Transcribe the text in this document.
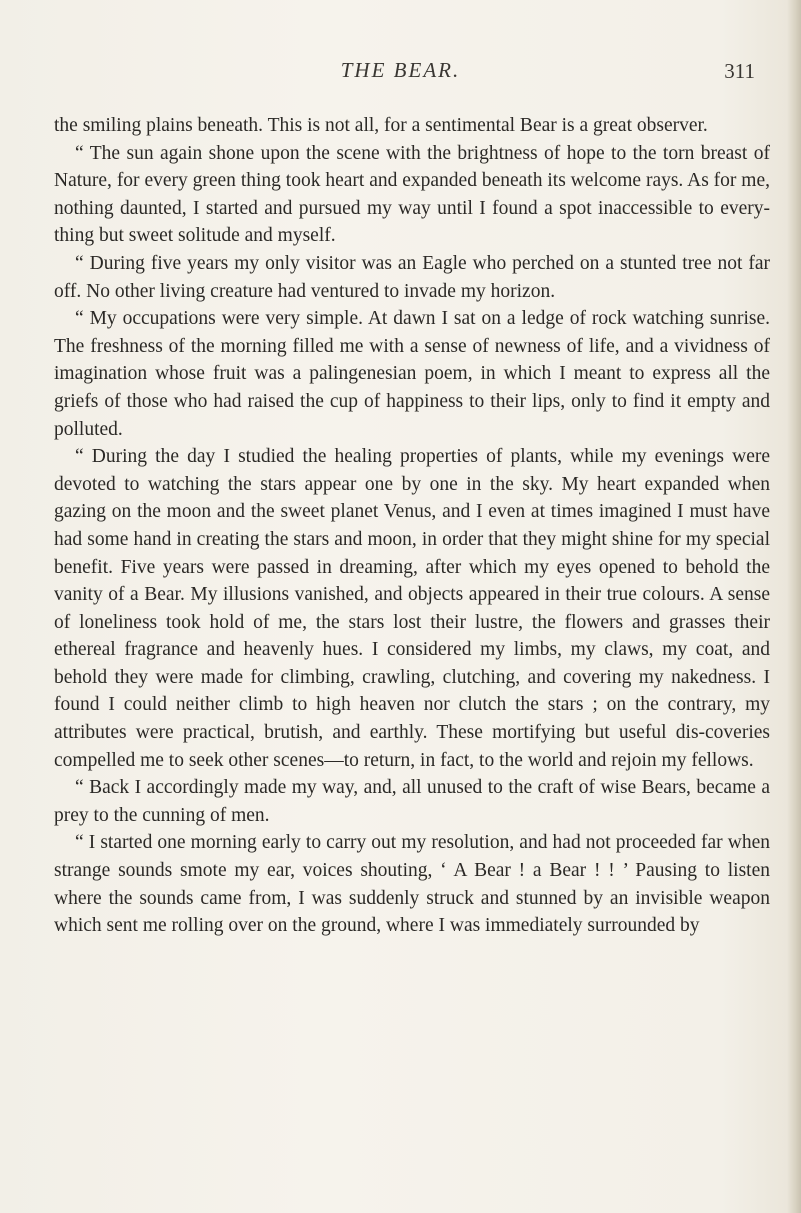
THE BEAR.	311

the smiling plains beneath. This is not all, for a sentimental Bear is a great observer.

“ The sun again shone upon the scene with the brightness of hope to the torn breast of Nature, for every green thing took heart and expanded beneath its welcome rays. As for me, nothing daunted, I started and pursued my way until I found a spot inaccessible to every-thing but sweet solitude and myself.

“ During five years my only visitor was an Eagle who perched on a stunted tree not far off. No other living creature had ventured to invade my horizon.

“ My occupations were very simple. At dawn I sat on a ledge of rock watching sunrise. The freshness of the morning filled me with a sense of newness of life, and a vividness of imagination whose fruit was a palingenesian poem, in which I meant to express all the griefs of those who had raised the cup of happiness to their lips, only to find it empty and polluted.

“ During the day I studied the healing properties of plants, while my evenings were devoted to watching the stars appear one by one in the sky. My heart expanded when gazing on the moon and the sweet planet Venus, and I even at times imagined I must have had some hand in creating the stars and moon, in order that they might shine for my special benefit. Five years were passed in dreaming, after which my eyes opened to behold the vanity of a Bear. My illusions vanished, and objects appeared in their true colours. A sense of loneliness took hold of me, the stars lost their lustre, the flowers and grasses their ethereal fragrance and heavenly hues. I considered my limbs, my claws, my coat, and behold they were made for climbing, crawling, clutching, and covering my nakedness. I found I could neither climb to high heaven nor clutch the stars ; on the contrary, my attributes were practical, brutish, and earthly. These mortifying but useful dis-coveries compelled me to seek other scenes—to return, in fact, to the world and rejoin my fellows.

“ Back I accordingly made my way, and, all unused to the craft of wise Bears, became a prey to the cunning of men.

“ I started one morning early to carry out my resolution, and had not proceeded far when strange sounds smote my ear, voices shouting, ‘ A Bear ! a Bear ! ! ’ Pausing to listen where the sounds came from, I was suddenly struck and stunned by an invisible weapon which sent me rolling over on the ground, where I was immediately surrounded by
